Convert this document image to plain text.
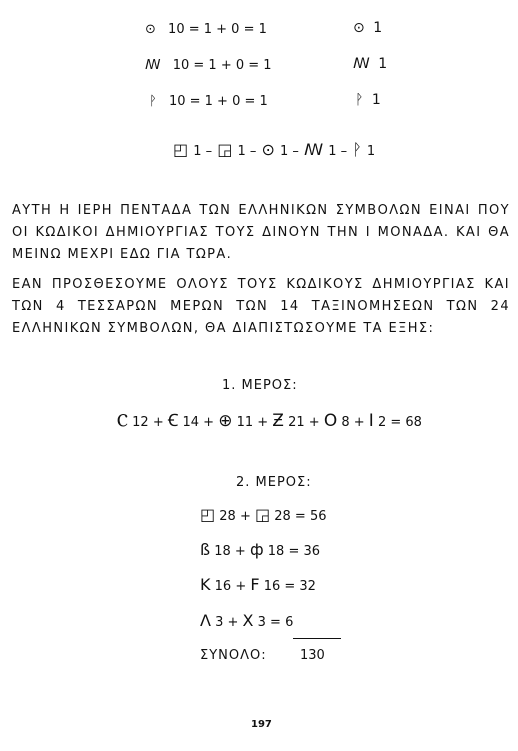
⊙ 10 = 1 + 0 = 1	⊙ 1
ꟿ 10 = 1 + 0 = 1	ꟿ 1
ᚹ 10 = 1 + 0 = 1	ᚹ 1
◰ 1 – ◲ 1 – ⊙ 1 – ꟿ 1 – ᚹ 1
ΑΥΤΗ Η ΙΕΡΗ ΠΕΝΤΑΔΑ ΤΩΝ ΕΛΛΗΝΙΚΩΝ ΣΥΜΒΟΛΩΝ ΕΙΝΑΙ ΠΟΥ ΟΙ ΚΩΔΙΚΟΙ ΔΗΜΙΟΥΡΓΙΑΣ ΤΟΥΣ ΔΙΝΟΥΝ ΤΗΝ Ι ΜΟΝΑΔΑ. ΚΑΙ ΘΑ ΜΕΙΝΩ ΜΕΧΡΙ ΕΔΩ ΓΙΑ ΤΩΡΑ.
ΕΑΝ ΠΡΟΣΘΕΣΟΥΜΕ ΟΛΟΥΣ ΤΟΥΣ ΚΩΔΙΚΟΥΣ ΔΗΜΙΟΥΡΓΙΑΣ ΚΑΙ ΤΩΝ 4 ΤΕΣΣΑΡΩΝ ΜΕΡΩΝ ΤΩΝ 14 ΤΑΞΙΝΟΜΗΣΕΩΝ ΤΩΝ 24 ΕΛΛΗΝΙΚΩΝ ΣΥΜΒΟΛΩΝ, ΘΑ ΔΙΑΠΙΣΤΩΣΟΥΜΕ ΤΑ ΕΞΗΣ:
1. ΜΕΡΟΣ:
Ⲥ 12 + Ꞓ 14 + ⊕ 11 + Ƶ 21 + Ο 8 + Ι 2 = 68
2. ΜΕΡΟΣ:
◰ 28 + ◲ 28 = 56
ß 18 + ф 18 = 36
K 16 + F 16 = 32
Λ 3 + X 3 = 6
ΣΥΝΟΛΟ:	130
197
